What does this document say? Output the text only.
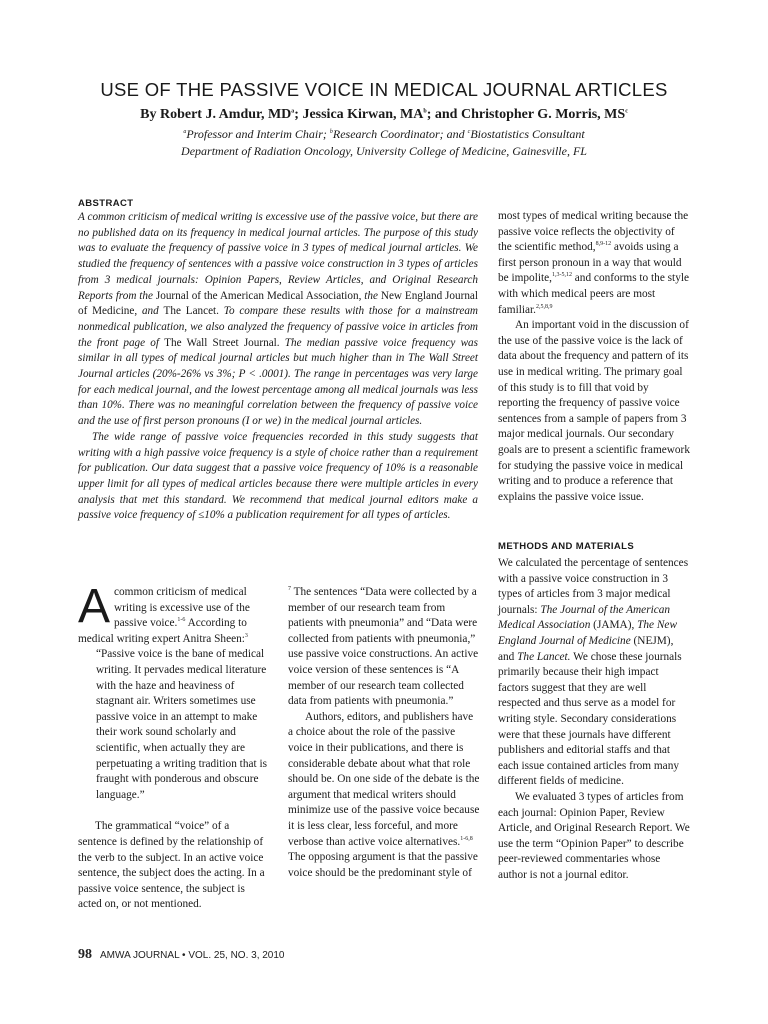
USE OF THE PASSIVE VOICE IN MEDICAL JOURNAL ARTICLES

By Robert J. Amdur, $MD^a$; Jessica Kirwan, $MA^b$; and Christopher G. Morris, $MS^c$

$^a$Professor and Interim Chair; $^b$Research Coordinator; and $^c$Biostatistics Consultant

Department of Radiation Oncology, University College of Medicine, Gainesville, FL

ABSTRACT

A common criticism of medical writing is excessive use of the passive voice, but there are no published data on its frequency in medical journal articles. The purpose of this study was to evaluate the frequency of passive voice in 3 types of medical journal articles. We studied the frequency of sentences with a passive voice construction in 3 types of articles from 3 medical journals: Opinion Papers, Review Articles, and Original Research Reports from the Journal of the American Medical Association, the New England Journal of Medicine, and The Lancet. To compare these results with those for a mainstream nonmedical publication, we also analyzed the frequency of passive voice in articles from the front page of The Wall Street Journal. The median passive voice frequency was similar in all types of medical journal articles but much higher than in The Wall Street Journal articles (20%-26% vs 3%; P < .0001). The range in percentages was very large for each medical journal, and the lowest percentage among all medical journals was less than 10%. There was no meaningful correlation between the frequency of passive voice and the use of first person pronouns (I or we) in the medical journal articles.

The wide range of passive voice frequencies recorded in this study suggests that writing with a high passive voice frequency is a style of choice rather than a requirement for publication. Our data suggest that a passive voice frequency of 10% is a reasonable upper limit for all types of medical articles because there were multiple articles in every analysis that met this standard. We recommend that medical journal editors make a passive voice frequency of ≤10% a publication requirement for all types of articles.

A common criticism of medical writing is excessive use of the passive voice.$^{1-6}$ According to medical writing expert Anitra Sheen:$^3$

“Passive voice is the bane of medical writing. It pervades medical literature with the haze and heaviness of stagnant air. Writers sometimes use passive voice in an attempt to make their work sound scholarly and scientific, when actually they are perpetuating a writing tradition that is fraught with ponderous and obscure language.”

The grammatical “voice” of a sentence is defined by the relationship of the verb to the subject. In an active voice sentence, the subject does the acting. In a passive voice sentence, the subject is acted on, or not mentioned.

$^7$ The sentences “Data were collected by a member of our research team from patients with pneumonia” and “Data were collected from patients with pneumonia,” use passive voice constructions. An active voice version of these sentences is “A member of our research team collected data from patients with pneumonia.”

Authors, editors, and publishers have a choice about the role of the passive voice in their publications, and there is considerable debate about what that role should be. On one side of the debate is the argument that medical writers should minimize use of the passive voice because it is less clear, less forceful, and more verbose than active voice alternatives.$^{1-6,8}$ The opposing argument is that the passive voice should be the predominant style of

most types of medical writing because the passive voice reflects the objectivity of the scientific method,$^{8,9-12}$ avoids using a first person pronoun in a way that would be impolite,$^{1,3-5,12}$ and conforms to the style with which medical peers are most familiar.$^{2,5,8,9}$

An important void in the discussion of the use of the passive voice is the lack of data about the frequency and pattern of its use in medical writing. The primary goal of this study is to fill that void by reporting the frequency of passive voice sentences from a sample of papers from 3 major medical journals. Our secondary goals are to present a scientific framework for studying the passive voice in medical writing and to produce a reference that explains the passive voice issue.

METHODS AND MATERIALS

We calculated the percentage of sentences with a passive voice construction in 3 types of articles from 3 major medical journals: The Journal of the American Medical Association (JAMA), The New England Journal of Medicine (NEJM), and The Lancet. We chose these journals primarily because their high impact factors suggest that they are well respected and thus serve as a model for writing style. Secondary considerations were that these journals have different publishers and editorial staffs and that each issue contained articles from many different fields of medicine.

We evaluated 3 types of articles from each journal: Opinion Paper, Review Article, and Original Research Report. We use the term “Opinion Paper” to describe peer-reviewed commentaries whose author is not a journal editor.

98 AMWA JOURNAL • VOL. 25, NO. 3, 2010
